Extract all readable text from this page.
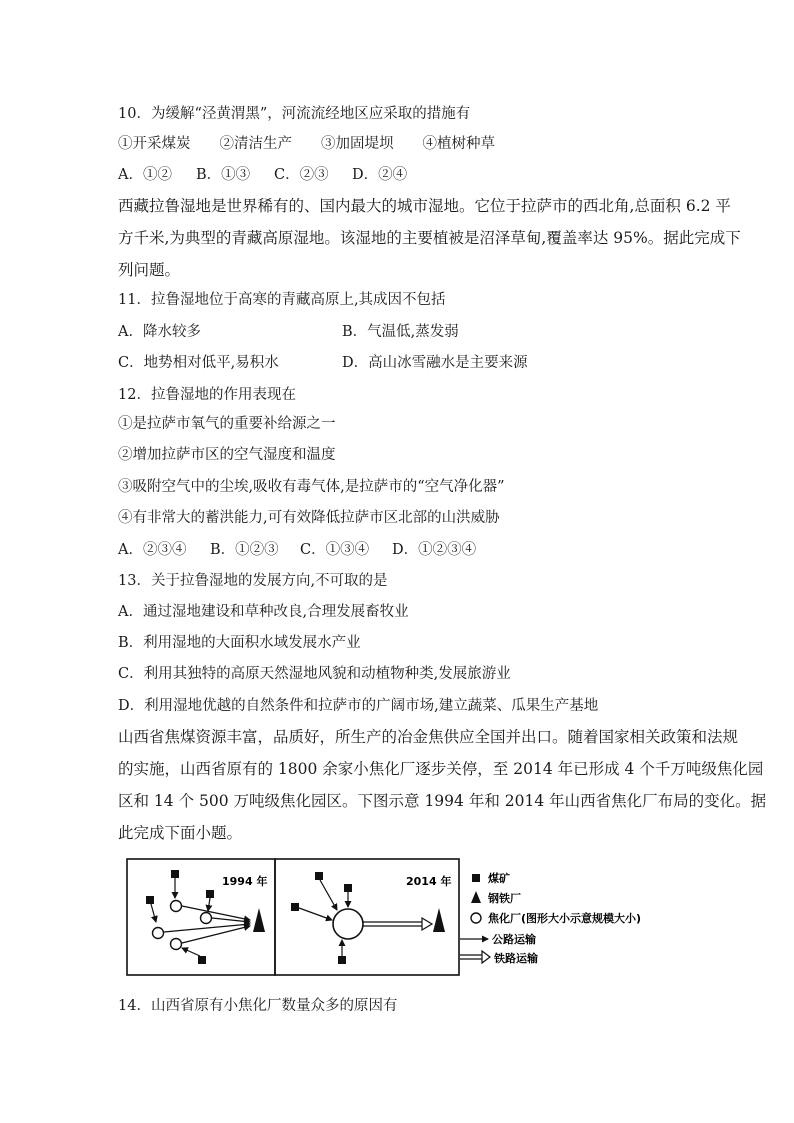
10．为缓解“泾黄渭黑”，河流流经地区应采取的措施有
①开采煤炭　　②清洁生产　　③加固堤坝　　④植树种草
A．①② B．①③ C．②③ D．②④
西藏拉鲁湿地是世界稀有的、国内最大的城市湿地。它位于拉萨市的西北角,总面积 6.2 平
方千米,为典型的青藏高原湿地。该湿地的主要植被是沼泽草甸,覆盖率达 95%。据此完成下
列问题。
11．拉鲁湿地位于高寒的青藏高原上,其成因不包括
A．降水较多	B．气温低,蒸发弱
C．地势相对低平,易积水	D．高山冰雪融水是主要来源
12．拉鲁湿地的作用表现在
①是拉萨市氧气的重要补给源之一
②增加拉萨市区的空气湿度和温度
③吸附空气中的尘埃,吸收有毒气体,是拉萨市的“空气净化器”
④有非常大的蓄洪能力,可有效降低拉萨市区北部的山洪威胁
A．②③④ B．①②③ C．①③④ D．①②③④
13．关于拉鲁湿地的发展方向,不可取的是
A．通过湿地建设和草种改良,合理发展畜牧业
B．利用湿地的大面积水域发展水产业
C．利用其独特的高原天然湿地风貌和动植物种类,发展旅游业
D．利用湿地优越的自然条件和拉萨市的广阔市场,建立蔬菜、瓜果生产基地
山西省焦煤资源丰富，品质好，所生产的冶金焦供应全国并出口。随着国家相关政策和法规
的实施，山西省原有的 1800 余家小焦化厂逐步关停，至 2014 年已形成 4 个千万吨级焦化园
区和 14 个 500 万吨级焦化园区。下图示意 1994 年和 2014 年山西省焦化厂布局的变化。据
此完成下面小题。
1994 年	2014 年	煤矿
钢铁厂
焦化厂(图形大小示意规模大小)
公路运输
铁路运输
14．山西省原有小焦化厂数量众多的原因有
